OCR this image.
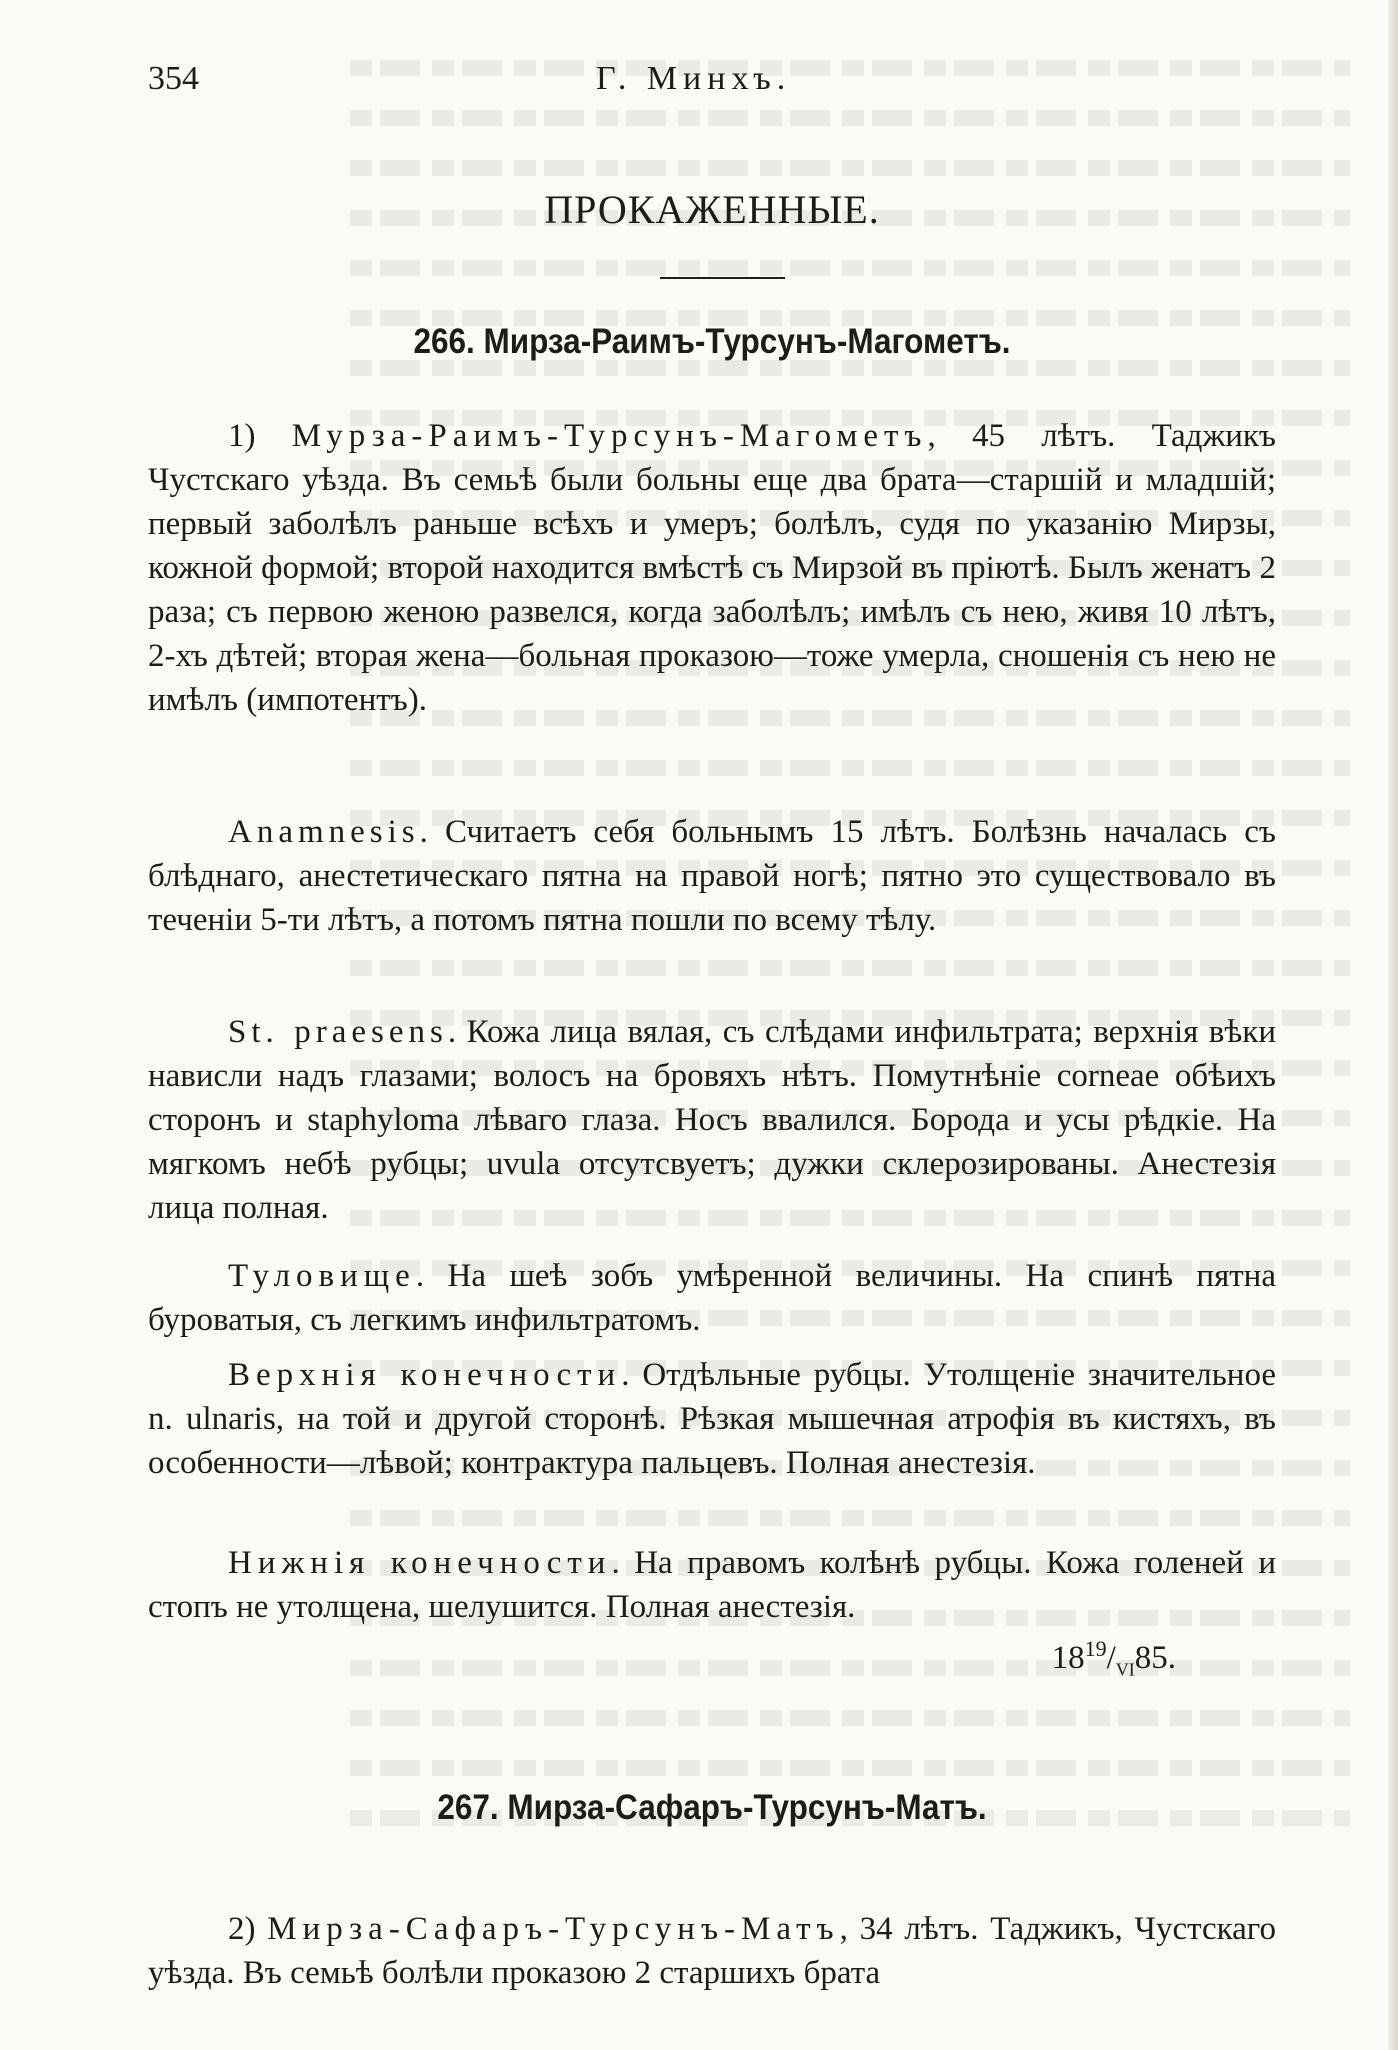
354	Г. Минхъ.
ПРОКАЖЕННЫЕ.
266. Мирза-Раимъ-Турсунъ-Магометъ.

1) Мурза-Раимъ-Турсунъ-Магометъ, 45 лѣтъ. Таджикъ Чустскаго уѣзда. Въ семьѣ были больны еще два брата—старшій и младшій; первый заболѣлъ раньше всѣхъ и умеръ; болѣлъ, судя по указанію Мирзы, кожной формой; второй находится вмѣстѣ съ Мирзой въ пріютѣ. Былъ женатъ 2 раза; съ первою женою развелся, когда заболѣлъ; имѣлъ съ нею, живя 10 лѣтъ, 2-хъ дѣтей; вторая жена—больная проказою—тоже умерла, сношенія съ нею не имѣлъ (импотентъ).

Anamnesis. Считаетъ себя больнымъ 15 лѣтъ. Болѣзнь началась съ блѣднаго, анестетическаго пятна на правой ногѣ; пятно это существовало въ теченіи 5-ти лѣтъ, а потомъ пятна пошли по всему тѣлу.

St. praesens. Кожа лица вялая, съ слѣдами инфильтрата; верхнія вѣки нависли надъ глазами; волосъ на бровяхъ нѣтъ. Помутнѣніе corneae обѣихъ сторонъ и staphyloma лѣваго глаза. Носъ ввалился. Борода и усы рѣдкіе. На мягкомъ небѣ рубцы; uvula отсутсвуетъ; дужки склерозированы. Анестезія лица полная.

Туловище. На шеѣ зобъ умѣренной величины. На спинѣ пятна буроватыя, съ легкимъ инфильтратомъ.

Верхнія конечности. Отдѣльные рубцы. Утолщеніе значительное n. ulnaris, на той и другой сторонѣ. Рѣзкая мышечная атрофія въ кистяхъ, въ особенности—лѣвой; контрактура пальцевъ. Полная анестезія.

Нижнія конечности. На правомъ колѣнѣ рубцы. Кожа голеней и стопъ не утолщена, шелушится. Полная анестезія.

$18^{19}/_{VI}85$.
267. Мирза-Сафаръ-Турсунъ-Матъ.

2) Мирза-Сафаръ-Турсунъ-Матъ, 34 лѣтъ. Таджикъ, Чустскаго уѣзда. Въ семьѣ болѣли проказою 2 старшихъ брата
